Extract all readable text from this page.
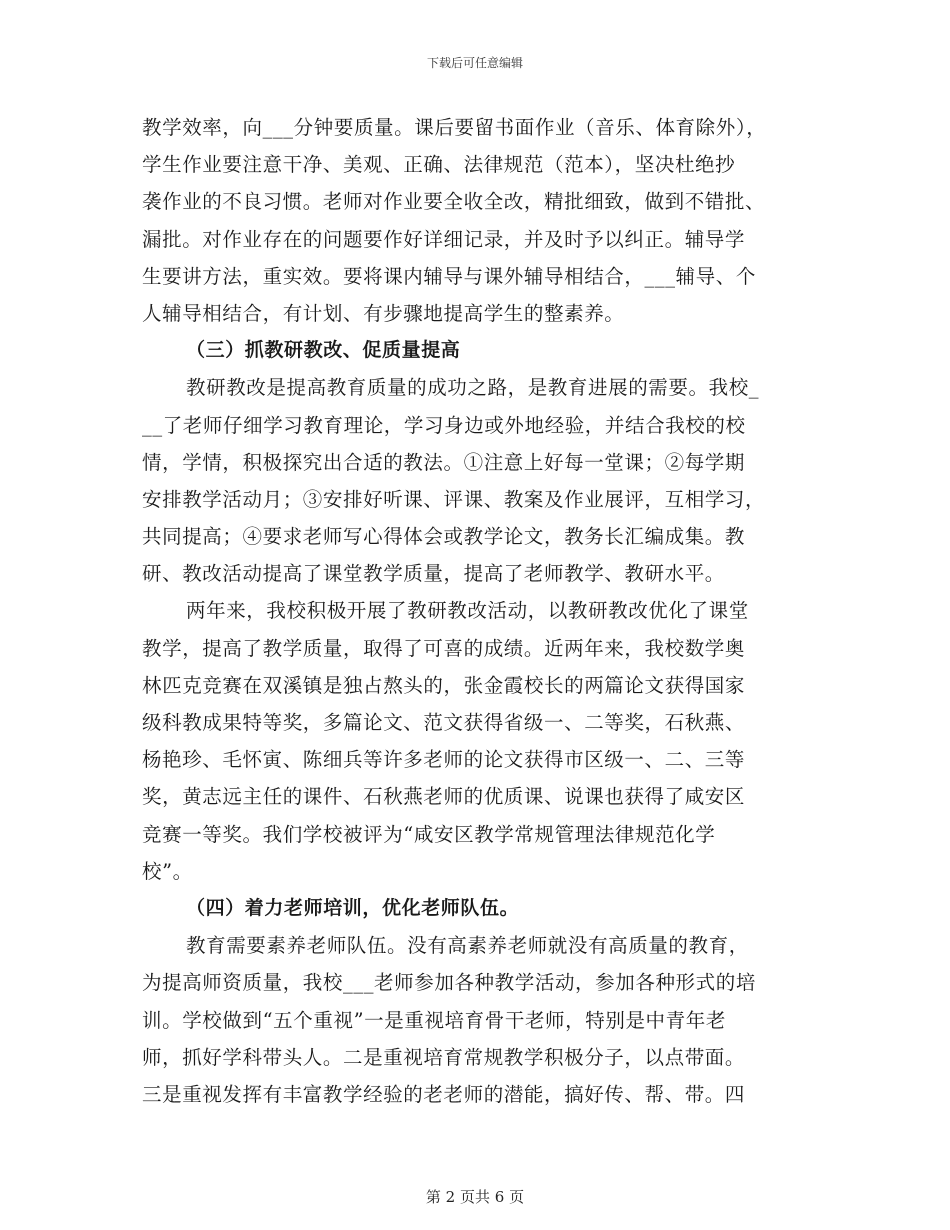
下载后可任意编辑
教学效率，向___分钟要质量。课后要留书面作业（音乐、体育除外），
学生作业要注意干净、美观、正确、法律规范（范本），坚决杜绝抄
袭作业的不良习惯。老师对作业要全收全改，精批细致，做到不错批、
漏批。对作业存在的问题要作好详细记录，并及时予以纠正。辅导学
生要讲方法，重实效。要将课内辅导与课外辅导相结合，___辅导、个
人辅导相结合，有计划、有步骤地提高学生的整素养。
（三）抓教研教改、促质量提高
教研教改是提高教育质量的成功之路，是教育进展的需要。我校_
__了老师仔细学习教育理论，学习身边或外地经验，并结合我校的校
情，学情，积极探究出合适的教法。①注意上好每一堂课；②每学期
安排教学活动月；③安排好听课、评课、教案及作业展评，互相学习，
共同提高；④要求老师写心得体会或教学论文，教务长汇编成集。教
研、教改活动提高了课堂教学质量，提高了老师教学、教研水平。
两年来，我校积极开展了教研教改活动，以教研教改优化了课堂
教学，提高了教学质量，取得了可喜的成绩。近两年来，我校数学奥
林匹克竞赛在双溪镇是独占熬头的，张金霞校长的两篇论文获得国家
级科教成果特等奖，多篇论文、范文获得省级一、二等奖，石秋燕、
杨艳珍、毛怀寅、陈细兵等许多老师的论文获得市区级一、二、三等
奖，黄志远主任的课件、石秋燕老师的优质课、说课也获得了咸安区
竞赛一等奖。我们学校被评为“咸安区教学常规管理法律规范化学
校”。
（四）着力老师培训，优化老师队伍。
教育需要素养老师队伍。没有高素养老师就没有高质量的教育，
为提高师资质量，我校___老师参加各种教学活动，参加各种形式的培
训。学校做到“五个重视”一是重视培育骨干老师，特别是中青年老
师，抓好学科带头人。二是重视培育常规教学积极分子，以点带面。
三是重视发挥有丰富教学经验的老老师的潜能，搞好传、帮、带。四
第 2 页共 6 页
